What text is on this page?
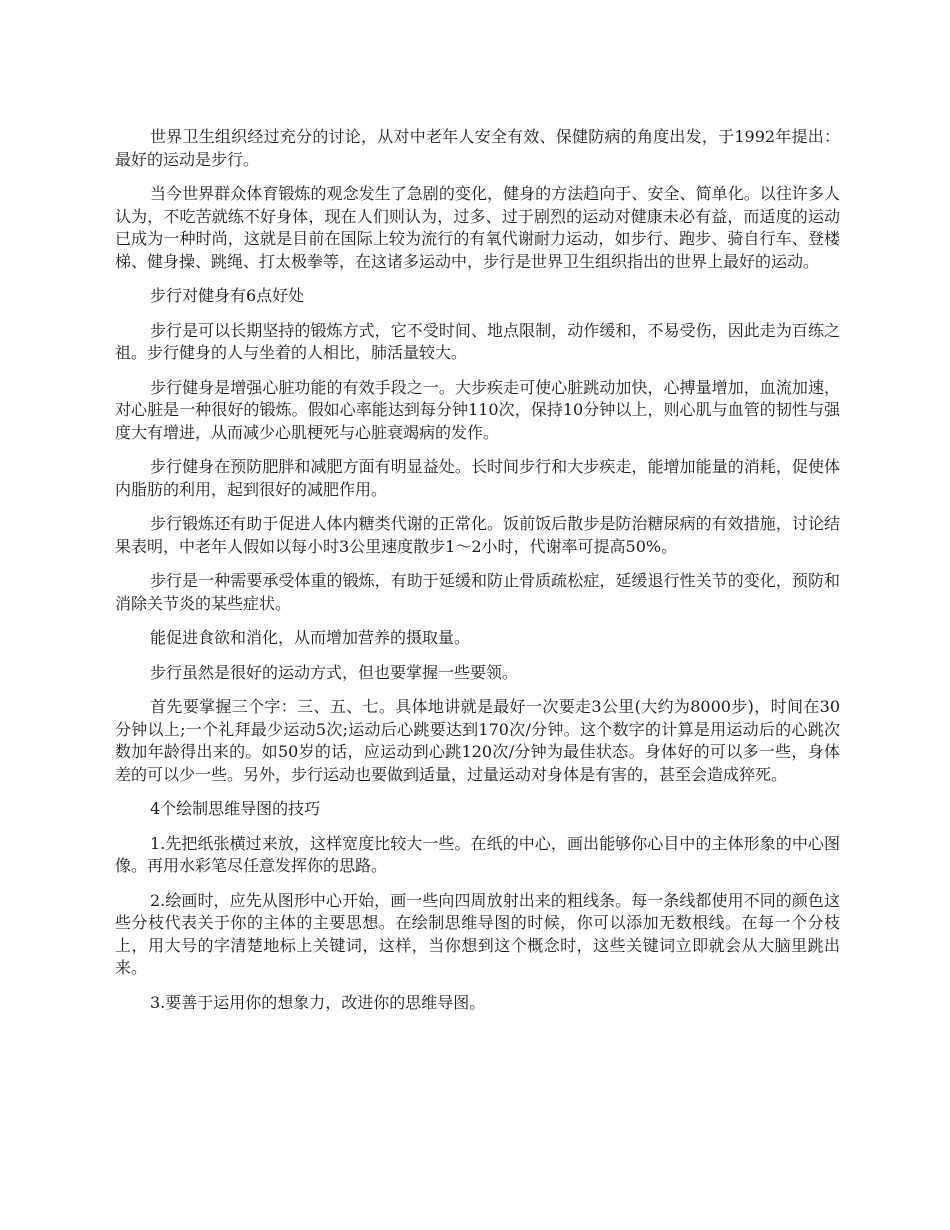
世界卫生组织经过充分的讨论，从对中老年人安全有效、保健防病的角度出发，于1992年提出：最好的运动是步行。

当今世界群众体育锻炼的观念发生了急剧的变化，健身的方法趋向于、安全、简单化。以往许多人认为，不吃苦就练不好身体，现在人们则认为，过多、过于剧烈的运动对健康未必有益，而适度的运动已成为一种时尚，这就是目前在国际上较为流行的有氧代谢耐力运动，如步行、跑步、骑自行车、登楼梯、健身操、跳绳、打太极拳等，在这诸多运动中，步行是世界卫生组织指出的世界上最好的运动。

步行对健身有6点好处

步行是可以长期坚持的锻炼方式，它不受时间、地点限制，动作缓和，不易受伤，因此走为百练之祖。步行健身的人与坐着的人相比，肺活量较大。

步行健身是增强心脏功能的有效手段之一。大步疾走可使心脏跳动加快，心搏量增加，血流加速，对心脏是一种很好的锻炼。假如心率能达到每分钟110次，保持10分钟以上，则心肌与血管的韧性与强度大有增进，从而减少心肌梗死与心脏衰竭病的发作。

步行健身在预防肥胖和减肥方面有明显益处。长时间步行和大步疾走，能增加能量的消耗，促使体内脂肪的利用，起到很好的减肥作用。

步行锻炼还有助于促进人体内糖类代谢的正常化。饭前饭后散步是防治糖尿病的有效措施，讨论结果表明，中老年人假如以每小时3公里速度散步1～2小时，代谢率可提高50%。

步行是一种需要承受体重的锻炼，有助于延缓和防止骨质疏松症，延缓退行性关节的变化，预防和消除关节炎的某些症状。

能促进食欲和消化，从而增加营养的摄取量。

步行虽然是很好的运动方式，但也要掌握一些要领。

首先要掌握三个字：三、五、七。具体地讲就是最好一次要走3公里(大约为8000步)，时间在30分钟以上;一个礼拜最少运动5次;运动后心跳要达到170次/分钟。这个数字的计算是用运动后的心跳次数加年龄得出来的。如50岁的话，应运动到心跳120次/分钟为最佳状态。身体好的可以多一些，身体差的可以少一些。另外，步行运动也要做到适量，过量运动对身体是有害的，甚至会造成猝死。

4个绘制思维导图的技巧

1.先把纸张横过来放，这样宽度比较大一些。在纸的中心，画出能够你心目中的主体形象的中心图像。再用水彩笔尽任意发挥你的思路。

2.绘画时，应先从图形中心开始，画一些向四周放射出来的粗线条。每一条线都使用不同的颜色这些分枝代表关于你的主体的主要思想。在绘制思维导图的时候，你可以添加无数根线。在每一个分枝上，用大号的字清楚地标上关键词，这样，当你想到这个概念时，这些关键词立即就会从大脑里跳出来。

3.要善于运用你的想象力，改进你的思维导图。
